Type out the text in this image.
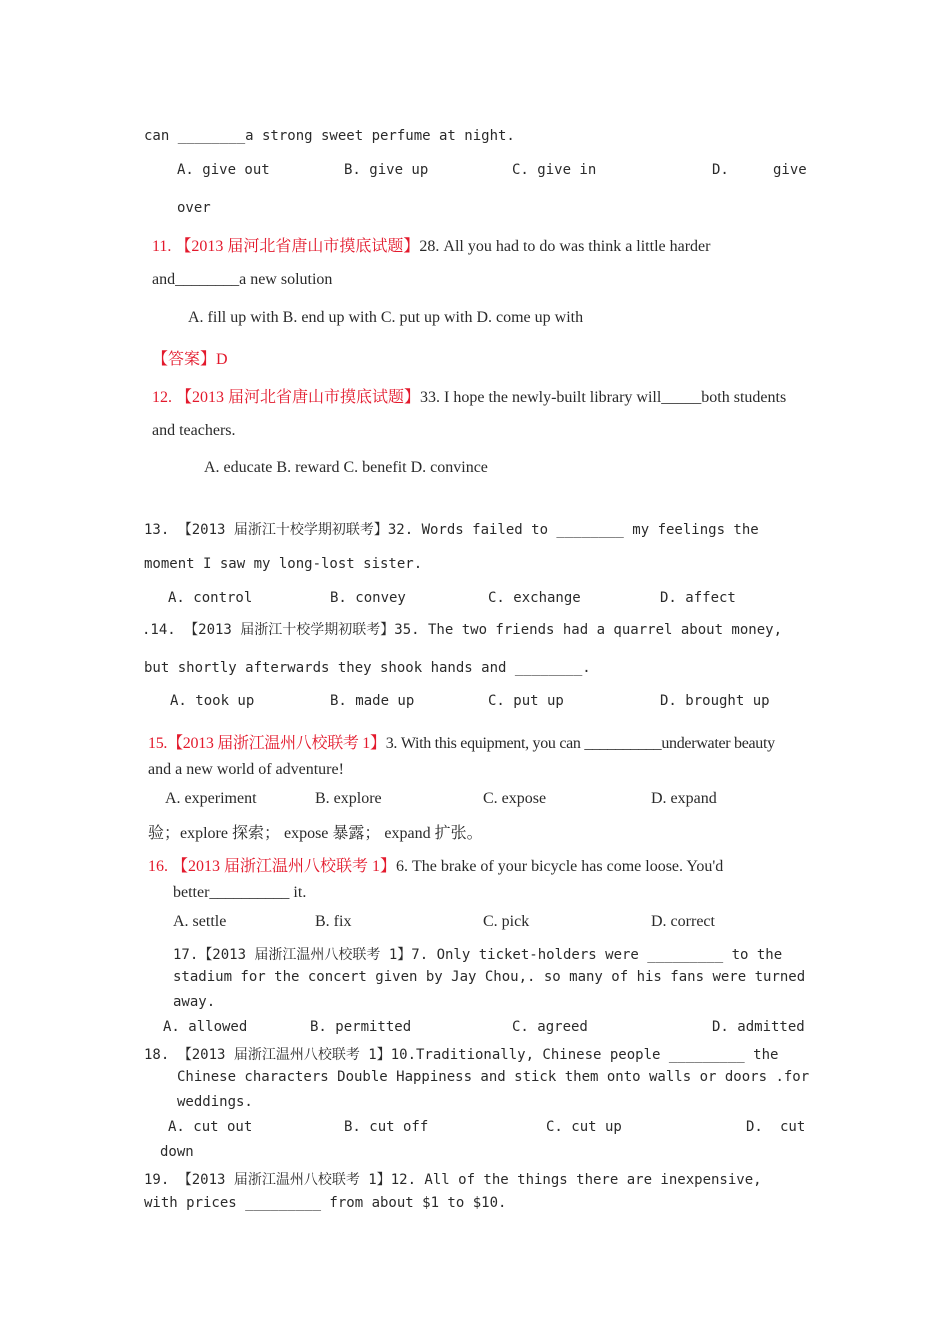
can ________a strong sweet perfume at night.
A. give out	B. give up	C. give in	D.	give
over
11. 【2013 届河北省唐山市摸底试题】28. All you had to do was think a little harder
and________a new solution
A. fill up with B. end up with C. put up with D. come up with
【答案】D
12. 【2013 届河北省唐山市摸底试题】33. I hope the newly-built library will_____both students
and teachers.
A. educate B. reward C. benefit D. convince
13. 【2013 届浙江十校学期初联考】32. Words failed to ________ my feelings the
moment I saw my long-lost sister.
A. control	B. convey	C. exchange	D. affect
.14. 【2013 届浙江十校学期初联考】35. The two friends had a quarrel about money,
but shortly afterwards they shook hands and ________.
A. took up	B. made up	C. put up	D. brought up
15.【2013 届浙江温州八校联考 1】3. With this equipment, you can __________underwater beauty
and a new world of adventure!
A. experiment	B. explore	C. expose	D. expand
验；explore 探索； expose 暴露； expand 扩张。
16. 【2013 届浙江温州八校联考 1】6. The brake of your bicycle has come loose. You'd
better__________ it.
A. settle	B. fix	C. pick	D. correct
17.【2013 届浙江温州八校联考 1】7. Only ticket-holders were _________ to the
stadium for the concert given by Jay Chou,. so many of his fans were turned
away.
A. allowed	B. permitted	C. agreed	D. admitted
18. 【2013 届浙江温州八校联考 1】10.Traditionally, Chinese people _________ the
Chinese characters Double Happiness and stick them onto walls or doors .for
weddings.
A. cut out	B. cut off	C. cut up	D. cut
down
19. 【2013 届浙江温州八校联考 1】12. All of the things there are inexpensive,
with prices _________ from about $1 to $10.
